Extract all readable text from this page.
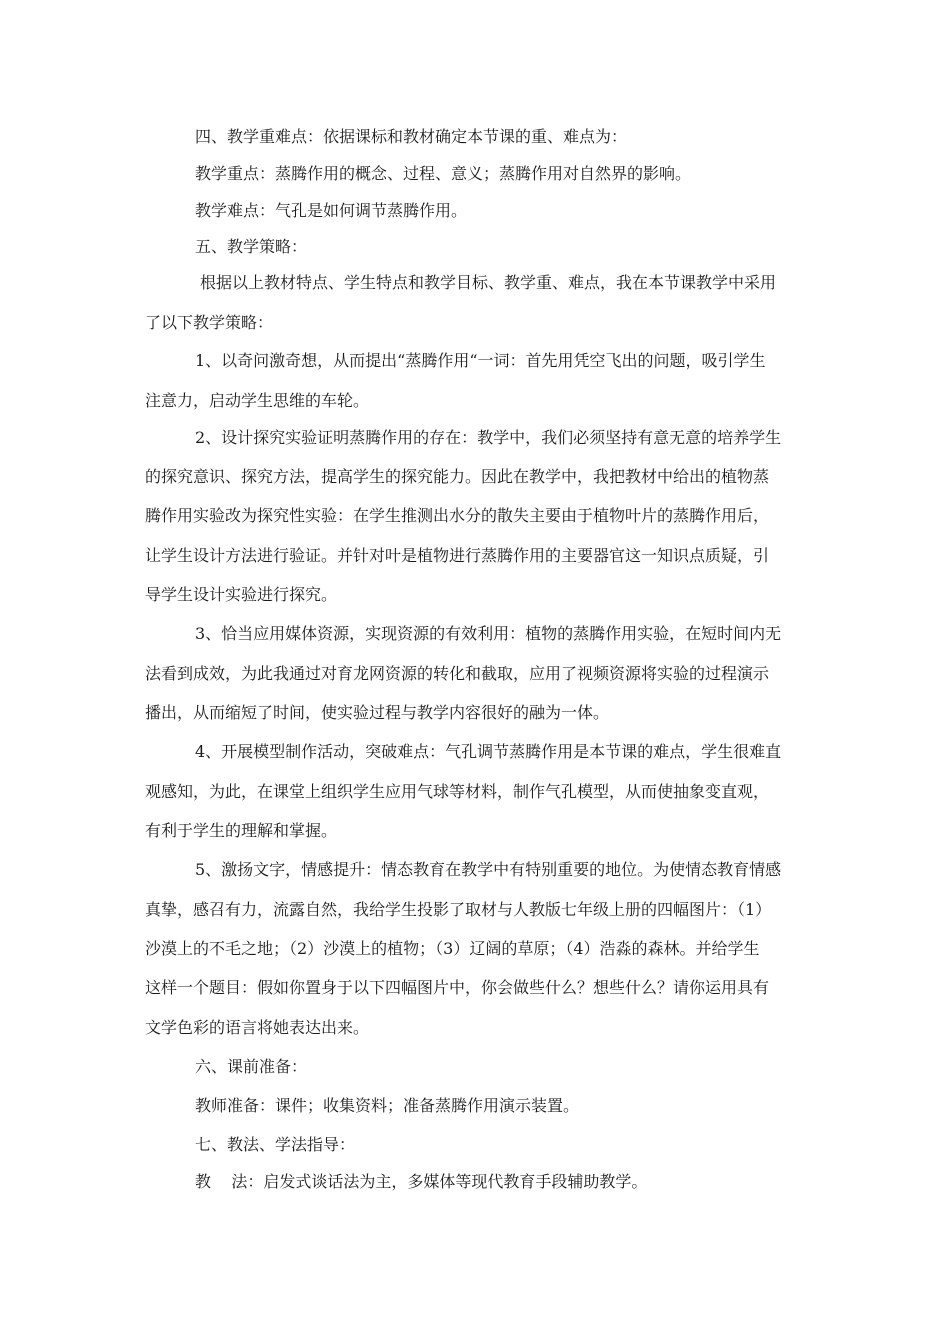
四、教学重难点：依据课标和教材确定本节课的重、难点为：
教学重点：蒸腾作用的概念、过程、意义；蒸腾作用对自然界的影响。
教学难点：气孔是如何调节蒸腾作用。
五、教学策略：
根据以上教材特点、学生特点和教学目标、教学重、难点，我在本节课教学中采用
了以下教学策略：
1、以奇问激奇想，从而提出“蒸腾作用“一词：首先用凭空飞出的问题，吸引学生
注意力，启动学生思维的车轮。
2、设计探究实验证明蒸腾作用的存在：教学中，我们必须坚持有意无意的培养学生
的探究意识、探究方法，提高学生的探究能力。因此在教学中，我把教材中给出的植物蒸
腾作用实验改为探究性实验：在学生推测出水分的散失主要由于植物叶片的蒸腾作用后，
让学生设计方法进行验证。并针对叶是植物进行蒸腾作用的主要器官这一知识点质疑，引
导学生设计实验进行探究。
3、恰当应用媒体资源，实现资源的有效利用：植物的蒸腾作用实验，在短时间内无
法看到成效，为此我通过对育龙网资源的转化和截取，应用了视频资源将实验的过程演示
播出，从而缩短了时间，使实验过程与教学内容很好的融为一体。
4、开展模型制作活动，突破难点：气孔调节蒸腾作用是本节课的难点，学生很难直
观感知，为此，在课堂上组织学生应用气球等材料，制作气孔模型，从而使抽象变直观，
有利于学生的理解和掌握。
5、激扬文字，情感提升：情态教育在教学中有特别重要的地位。为使情态教育情感
真挚，感召有力，流露自然，我给学生投影了取材与人教版七年级上册的四幅图片：（1）
沙漠上的不毛之地；（2）沙漠上的植物；（3）辽阔的草原；（4）浩淼的森林。并给学生
这样一个题目：假如你置身于以下四幅图片中，你会做些什么？想些什么？请你运用具有
文学色彩的语言将她表达出来。
六、课前准备：
教师准备：课件；收集资料；准备蒸腾作用演示装置。
七、教法、学法指导：
教    法：启发式谈话法为主，多媒体等现代教育手段辅助教学。
